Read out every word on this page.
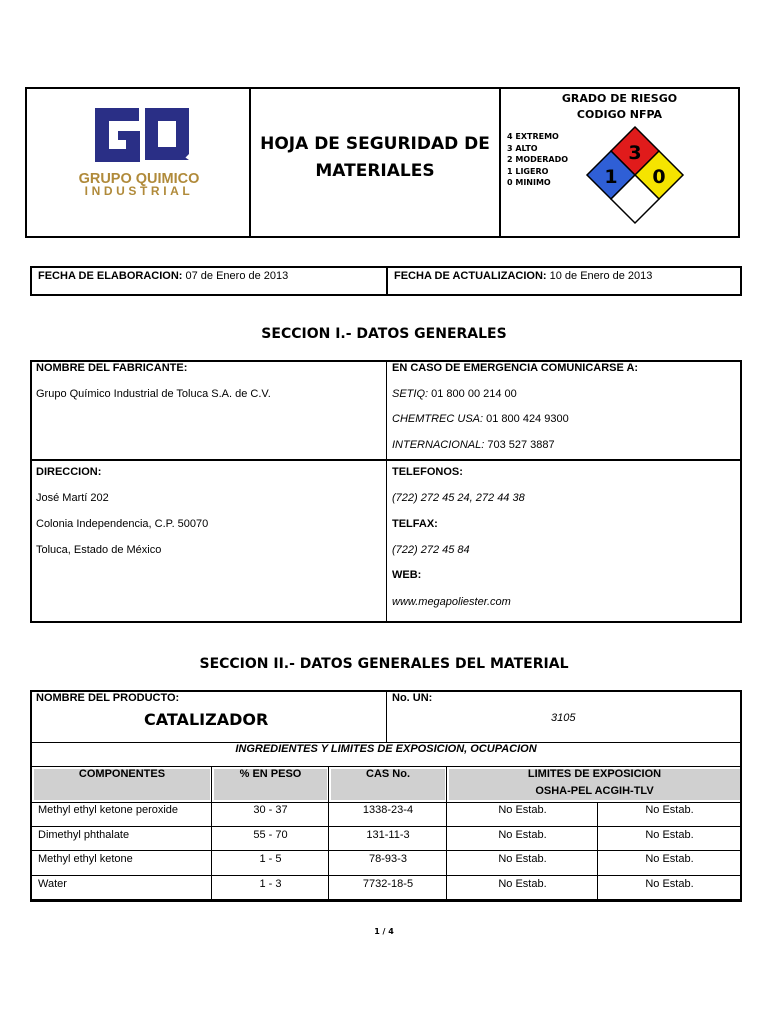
GRUPO QUIMICO
INDUSTRIAL
HOJA DE SEGURIDAD DE
MATERIALES
GRADO DE RIESGO
CODIGO NFPA
4 EXTREMO
3 ALTO
2 MODERADO
1 LIGERO
0 MINIMO
3
1 0
FECHA DE ELABORACION: 07 de Enero de 2013	FECHA DE ACTUALIZACION: 10 de Enero de 2013
SECCION I.- DATOS GENERALES
NOMBRE DEL FABRICANTE:
Grupo Químico Industrial de Toluca S.A. de C.V.
EN CASO DE EMERGENCIA COMUNICARSE A:
SETIQ: 01 800 00 214 00
CHEMTREC USA: 01 800 424 9300
INTERNACIONAL: 703 527 3887
DIRECCION:
José Martí 202
Colonia Independencia, C.P. 50070
Toluca, Estado de México
TELEFONOS:
(722) 272 45 24, 272 44 38
TELFAX:
(722) 272 45 84
WEB:
www.megapoliester.com
SECCION II.- DATOS GENERALES DEL MATERIAL
NOMBRE DEL PRODUCTO:
CATALIZADOR
No. UN:
3105
INGREDIENTES Y LIMITES DE EXPOSICION, OCUPACION
COMPONENTES	% EN PESO	CAS No.	LIMITES DE EXPOSICION
OSHA-PEL ACGIH-TLV
Methyl ethyl ketone peroxide	30 - 37	1338-23-4	No Estab.	No Estab.
Dimethyl phthalate	55 - 70	131-11-3	No Estab.	No Estab.
Methyl ethyl ketone	1 - 5	78-93-3	No Estab.	No Estab.
Water	1 - 3	7732-18-5	No Estab.	No Estab.
1 / 4
